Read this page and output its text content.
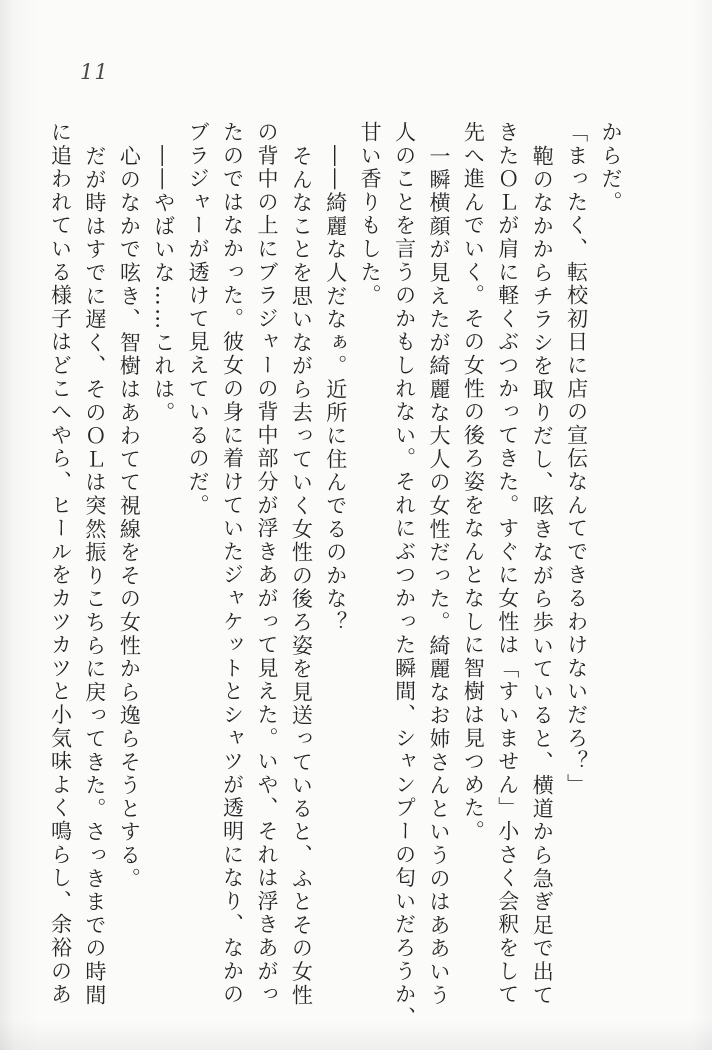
11
からだ。
「まったく、転校初日に店の宣伝なんてできるわけないだろ？」
鞄のなかからチラシを取りだし、呟きながら歩いていると、横道から急ぎ足で出て
きたＯＬが肩に軽くぶつかってきた。すぐに女性は「すいません」小さく会釈をして
先へ進んでいく。その女性の後ろ姿をなんとなしに智樹は見つめた。
一瞬横顔が見えたが綺麗な大人の女性だった。綺麗なお姉さんというのはああいう
人のことを言うのかもしれない。それにぶつかった瞬間、シャンプーの匂いだろうか、
甘い香りもした。
――綺麗な人だなぁ。近所に住んでるのかな？
そんなことを思いながら去っていく女性の後ろ姿を見送っていると、ふとその女性
の背中の上にブラジャーの背中部分が浮きあがって見えた。いや、それは浮きあがっ
たのではなかった。彼女の身に着けていたジャケットとシャツが透明になり、なかの
ブラジャーが透けて見えているのだ。
――やばいな……これは。
心のなかで呟き、智樹はあわてて視線をその女性から逸らそうとする。
だが時はすでに遅く、そのＯＬは突然振りこちらに戻ってきた。さっきまでの時間
に追われている様子はどこへやら、ヒールをカツカツと小気味よく鳴らし、余裕のあ
